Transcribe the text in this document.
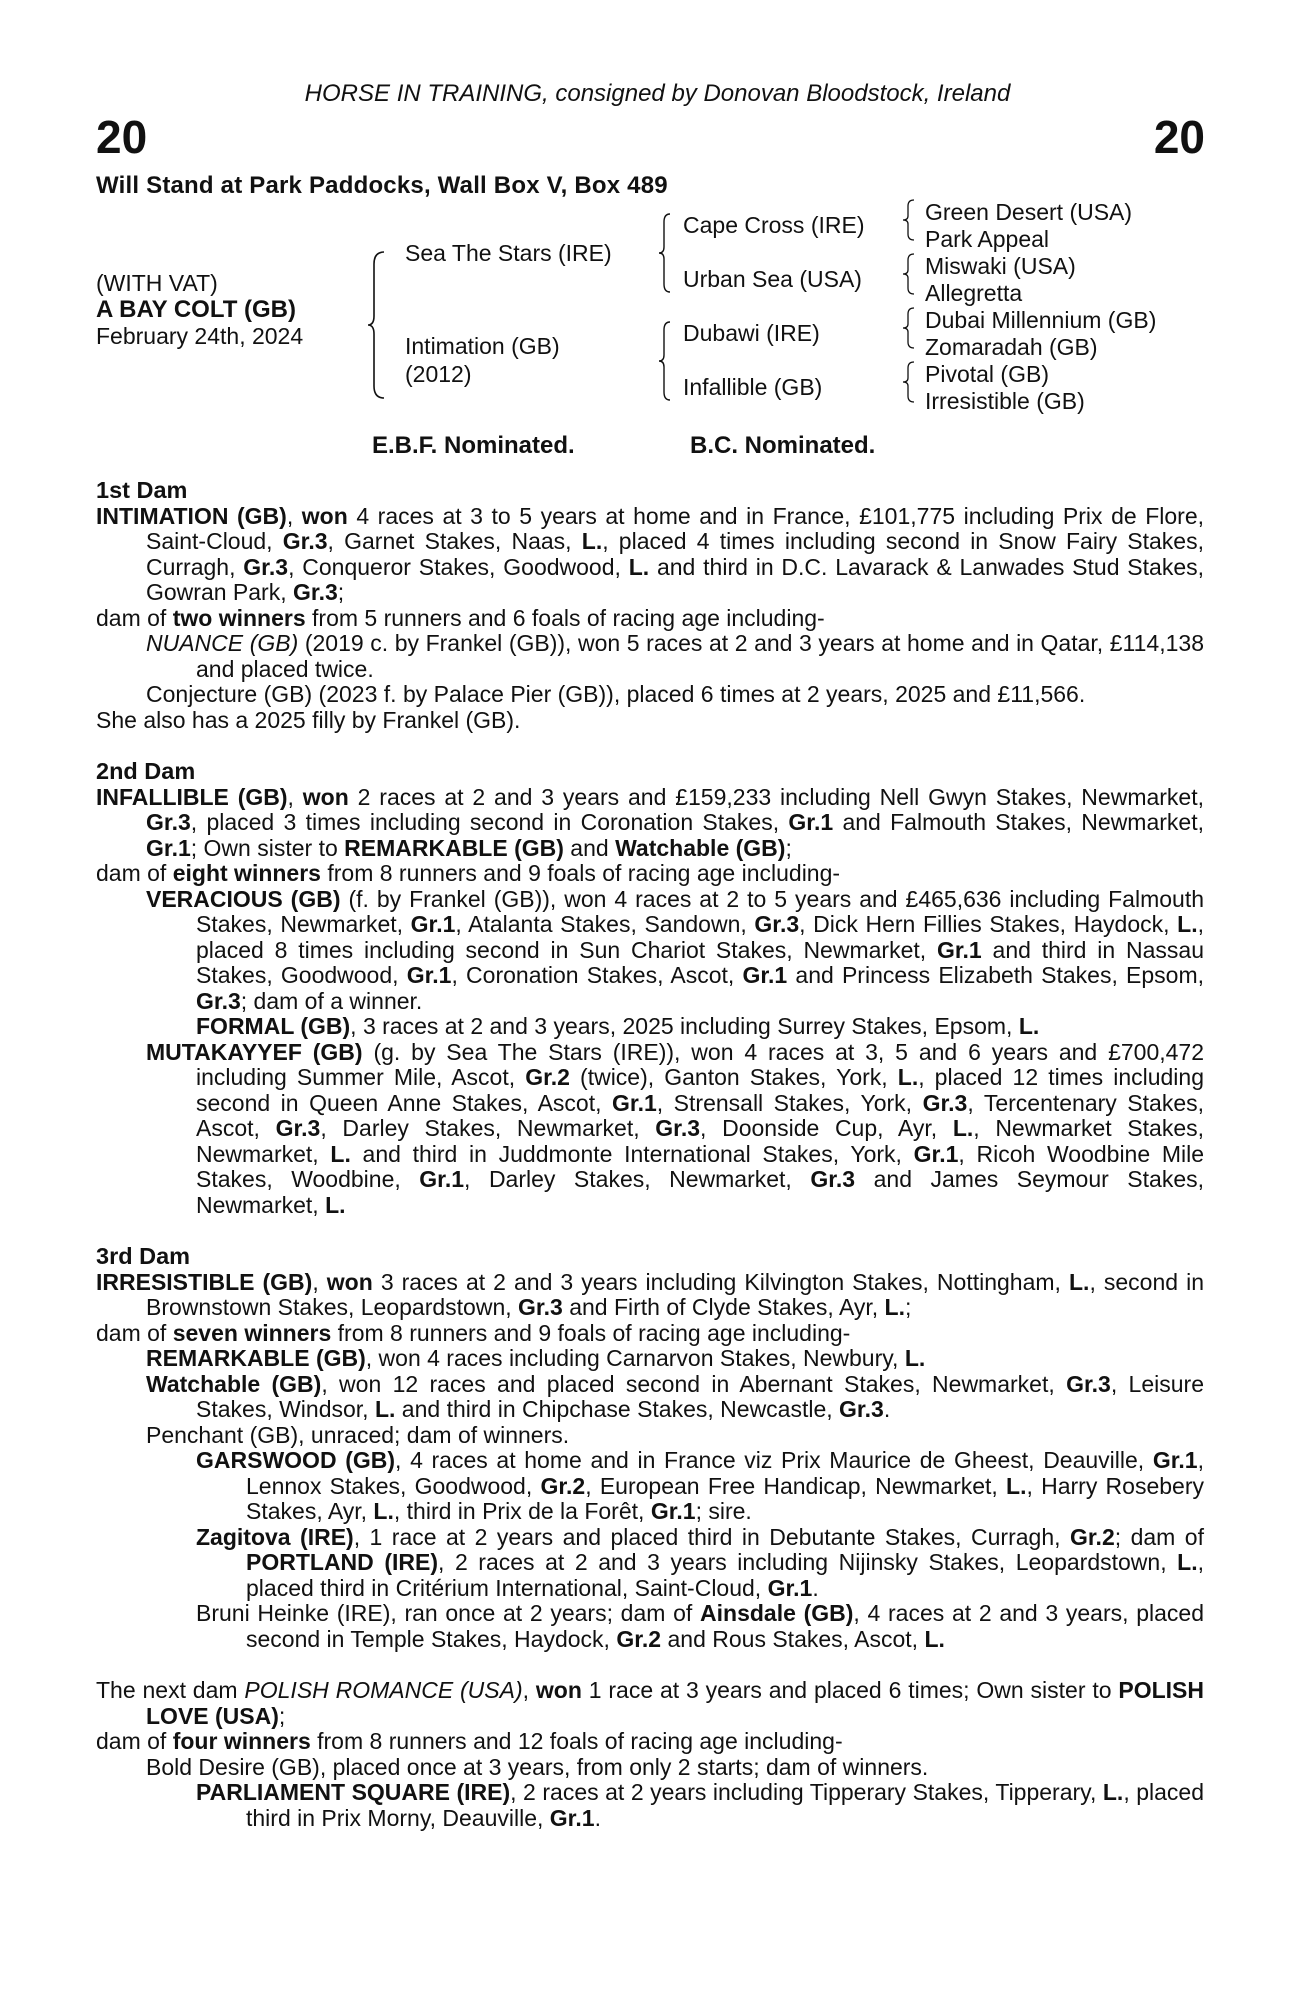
HORSE IN TRAINING, consigned by Donovan Bloodstock, Ireland
20	20
Will Stand at Park Paddocks, Wall Box V, Box 489
(WITH VAT)
A BAY COLT (GB)
February 24th, 2024
Sea The Stars (IRE)
Intimation (GB)
(2012)
Cape Cross (IRE)
Urban Sea (USA)
Dubawi (IRE)
Infallible (GB)
Green Desert (USA)
Park Appeal
Miswaki (USA)
Allegretta
Dubai Millennium (GB)
Zomaradah (GB)
Pivotal (GB)
Irresistible (GB)
E.B.F. Nominated.	B.C. Nominated.
1st Dam

INTIMATION (GB), won 4 races at 3 to 5 years at home and in France, £101,775 including Prix de Flore, Saint-Cloud, Gr.3, Garnet Stakes, Naas, L., placed 4 times including second in Snow Fairy Stakes, Curragh, Gr.3, Conqueror Stakes, Goodwood, L. and third in D.C. Lavarack & Lanwades Stud Stakes, Gowran Park, Gr.3;

dam of two winners from 5 runners and 6 foals of racing age including-

NUANCE (GB) (2019 c. by Frankel (GB)), won 5 races at 2 and 3 years at home and in Qatar, £114,138 and placed twice.

Conjecture (GB) (2023 f. by Palace Pier (GB)), placed 6 times at 2 years, 2025 and £11,566.

She also has a 2025 filly by Frankel (GB).

2nd Dam

INFALLIBLE (GB), won 2 races at 2 and 3 years and £159,233 including Nell Gwyn Stakes, Newmarket, Gr.3, placed 3 times including second in Coronation Stakes, Gr.1 and Falmouth Stakes, Newmarket, Gr.1; Own sister to REMARKABLE (GB) and Watchable (GB);

dam of eight winners from 8 runners and 9 foals of racing age including-

VERACIOUS (GB) (f. by Frankel (GB)), won 4 races at 2 to 5 years and £465,636 including Falmouth Stakes, Newmarket, Gr.1, Atalanta Stakes, Sandown, Gr.3, Dick Hern Fillies Stakes, Haydock, L., placed 8 times including second in Sun Chariot Stakes, Newmarket, Gr.1 and third in Nassau Stakes, Goodwood, Gr.1, Coronation Stakes, Ascot, Gr.1 and Princess Elizabeth Stakes, Epsom, Gr.3; dam of a winner.

FORMAL (GB), 3 races at 2 and 3 years, 2025 including Surrey Stakes, Epsom, L.

MUTAKAYYEF (GB) (g. by Sea The Stars (IRE)), won 4 races at 3, 5 and 6 years and £700,472 including Summer Mile, Ascot, Gr.2 (twice), Ganton Stakes, York, L., placed 12 times including second in Queen Anne Stakes, Ascot, Gr.1, Strensall Stakes, York, Gr.3, Tercentenary Stakes, Ascot, Gr.3, Darley Stakes, Newmarket, Gr.3, Doonside Cup, Ayr, L., Newmarket Stakes, Newmarket, L. and third in Juddmonte International Stakes, York, Gr.1, Ricoh Woodbine Mile Stakes, Woodbine, Gr.1, Darley Stakes, Newmarket, Gr.3 and James Seymour Stakes, Newmarket, L.

3rd Dam

IRRESISTIBLE (GB), won 3 races at 2 and 3 years including Kilvington Stakes, Nottingham, L., second in Brownstown Stakes, Leopardstown, Gr.3 and Firth of Clyde Stakes, Ayr, L.;

dam of seven winners from 8 runners and 9 foals of racing age including-

REMARKABLE (GB), won 4 races including Carnarvon Stakes, Newbury, L.

Watchable (GB), won 12 races and placed second in Abernant Stakes, Newmarket, Gr.3, Leisure Stakes, Windsor, L. and third in Chipchase Stakes, Newcastle, Gr.3.

Penchant (GB), unraced; dam of winners.

GARSWOOD (GB), 4 races at home and in France viz Prix Maurice de Gheest, Deauville, Gr.1, Lennox Stakes, Goodwood, Gr.2, European Free Handicap, Newmarket, L., Harry Rosebery Stakes, Ayr, L., third in Prix de la Forêt, Gr.1; sire.

Zagitova (IRE), 1 race at 2 years and placed third in Debutante Stakes, Curragh, Gr.2; dam of PORTLAND (IRE), 2 races at 2 and 3 years including Nijinsky Stakes, Leopardstown, L., placed third in Critérium International, Saint-Cloud, Gr.1.

Bruni Heinke (IRE), ran once at 2 years; dam of Ainsdale (GB), 4 races at 2 and 3 years, placed second in Temple Stakes, Haydock, Gr.2 and Rous Stakes, Ascot, L.

The next dam POLISH ROMANCE (USA), won 1 race at 3 years and placed 6 times; Own sister to POLISH LOVE (USA);

dam of four winners from 8 runners and 12 foals of racing age including-

Bold Desire (GB), placed once at 3 years, from only 2 starts; dam of winners.

PARLIAMENT SQUARE (IRE), 2 races at 2 years including Tipperary Stakes, Tipperary, L., placed third in Prix Morny, Deauville, Gr.1.
